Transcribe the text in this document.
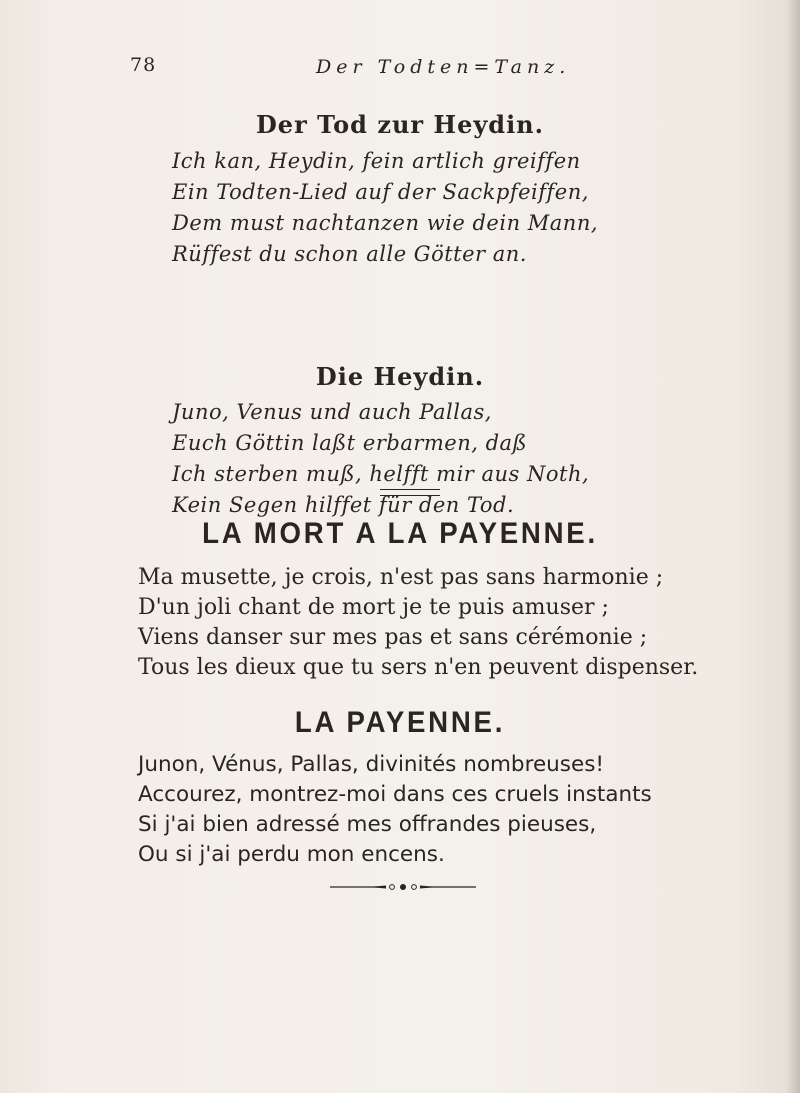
78	Der Todten=Tanz.
Der Tod zur Heydin.
Ich kan, Heydin, fein artlich greiffen
Ein Todten-Lied auf der Sackpfeiffen,
Dem must nachtanzen wie dein Mann,
Rüffest du schon alle Götter an.
Die Heydin.
Juno, Venus und auch Pallas,
Euch Göttin laßt erbarmen, daß
Ich sterben muß, helfft mir aus Noth,
Kein Segen hilffet für den Tod.
LA MORT A LA PAYENNE.
Ma musette, je crois, n'est pas sans harmonie ;
D'un joli chant de mort je te puis amuser ;
Viens danser sur mes pas et sans cérémonie ;
Tous les dieux que tu sers n'en peuvent dispenser.
LA PAYENNE.
Junon, Vénus, Pallas, divinités nombreuses!
Accourez, montrez-moi dans ces cruels instants
Si j'ai bien adressé mes offrandes pieuses,
Ou si j'ai perdu mon encens.
